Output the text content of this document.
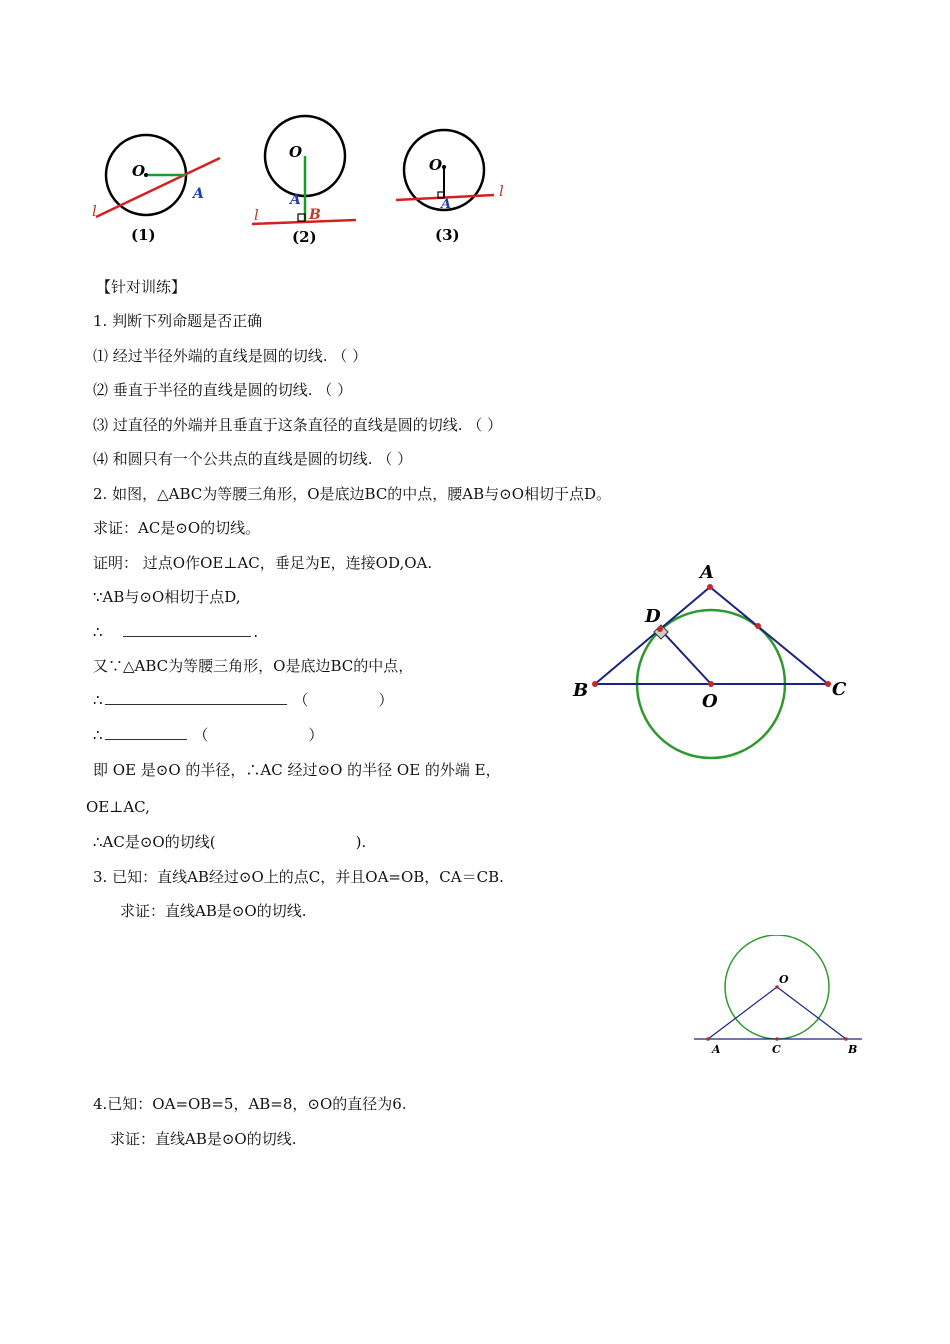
O
A
l
(1)
O
A
B
l
(2)
O
A
l
(3)
【针对训练】
1. 判断下列命题是否正确
⑴ 经过半径外端的直线是圆的切线. （ ）
⑵ 垂直于半径的直线是圆的切线. （ ）
⑶ 过直径的外端并且垂直于这条直径的直线是圆的切线. （ ）
⑷ 和圆只有一个公共点的直线是圆的切线. （ ）
2. 如图，△ABC为等腰三角形，O是底边BC的中点，腰AB与⊙O相切于点D。
求证：AC是⊙O的切线。
证明： 过点O作OE⊥AC，垂足为E，连接OD,OA.
∵AB与⊙O相切于点D,
∴	.
又∵△ABC为等腰三角形，O是底边BC的中点，
∴	（	）
∴	（	）
即 OE 是⊙O 的半径，∴AC 经过⊙O 的半径 OE 的外端 E，
OE⊥AC,
∴AC是⊙O的切线(	).
A
B	C
D
O
3. 已知：直线AB经过⊙O上的点C，并且OA=OB，CA＝CB.
求证：直线AB是⊙O的切线.
O
A	C	B
4.已知：OA=OB=5，AB=8，⊙O的直径为6.
求证：直线AB是⊙O的切线.
